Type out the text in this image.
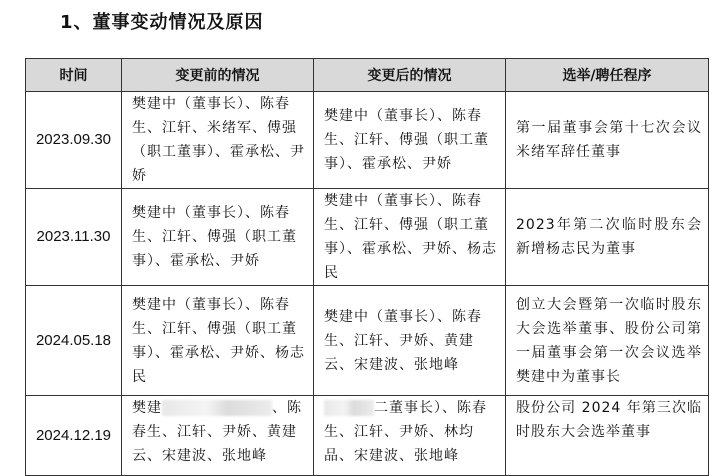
1、董事变动情况及原因
时间	变更前的情况	变更后的情况	选举/聘任程序
2023.09.30	樊建中（董事长）、陈春生、江轩、米绪军、傅强（职工董事）、霍承松、尹娇	樊建中（董事长）、陈春生、江轩、傅强（职工董事）、霍承松、尹娇	第一届董事会第十七次会议米绪军辞任董事
2023.11.30	樊建中（董事长）、陈春生、江轩、傅强（职工董事）、霍承松、尹娇	樊建中（董事长）、陈春生、江轩、傅强（职工董事）、霍承松、尹娇、杨志民	2023年第二次临时股东会新增杨志民为董事
2024.05.18	樊建中（董事长）、陈春生、江轩、傅强（职工董事）、霍承松、尹娇、杨志民	樊建中（董事长）、陈春生、江轩、尹娇、黄建云、宋建波、张地峰	创立大会暨第一次临时股东大会选举董事、股份公司第一届董事会第一次会议选举樊建中为董事长
2024.12.19	樊建 、陈春生、江轩、尹娇、黄建云、宋建波、张地峰	二董事长）、陈春生、江轩、尹娇、林均品、宋建波、张地峰	股份公司 2024 年第三次临时股东大会选举董事
